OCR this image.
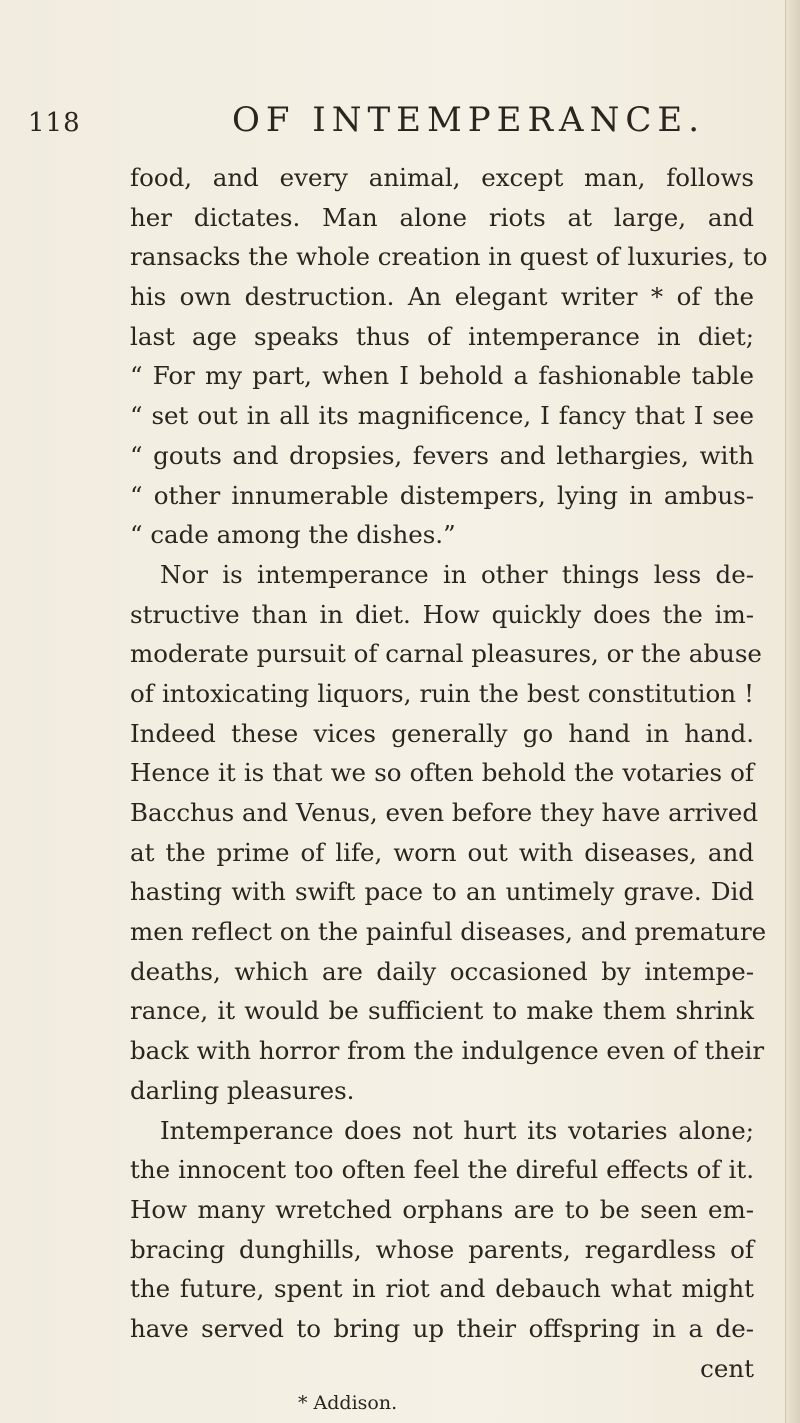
118	OF INTEMPERANCE.
food, and every animal, except man, follows
her dictates. Man alone riots at large, and
ransacks the whole creation in quest of luxuries, to
his own destruction. An elegant writer * of the
last age speaks thus of intemperance in diet;
“ For my part, when I behold a fashionable table
“ set out in all its magnificence, I fancy that I see
“ gouts and dropsies, fevers and lethargies, with
“ other innumerable distempers, lying in ambus-
“ cade among the dishes.”
Nor is intemperance in other things less de-
structive than in diet. How quickly does the im-
moderate pursuit of carnal pleasures, or the abuse
of intoxicating liquors, ruin the best constitution !
Indeed these vices generally go hand in hand.
Hence it is that we so often behold the votaries of
Bacchus and Venus, even before they have arrived
at the prime of life, worn out with diseases, and
hasting with swift pace to an untimely grave. Did
men reflect on the painful diseases, and premature
deaths, which are daily occasioned by intempe-
rance, it would be sufficient to make them shrink
back with horror from the indulgence even of their
darling pleasures.
Intemperance does not hurt its votaries alone;
the innocent too often feel the direful effects of it.
How many wretched orphans are to be seen em-
bracing dunghills, whose parents, regardless of
the future, spent in riot and debauch what might
have served to bring up their offspring in a de-
cent
* Addison.
